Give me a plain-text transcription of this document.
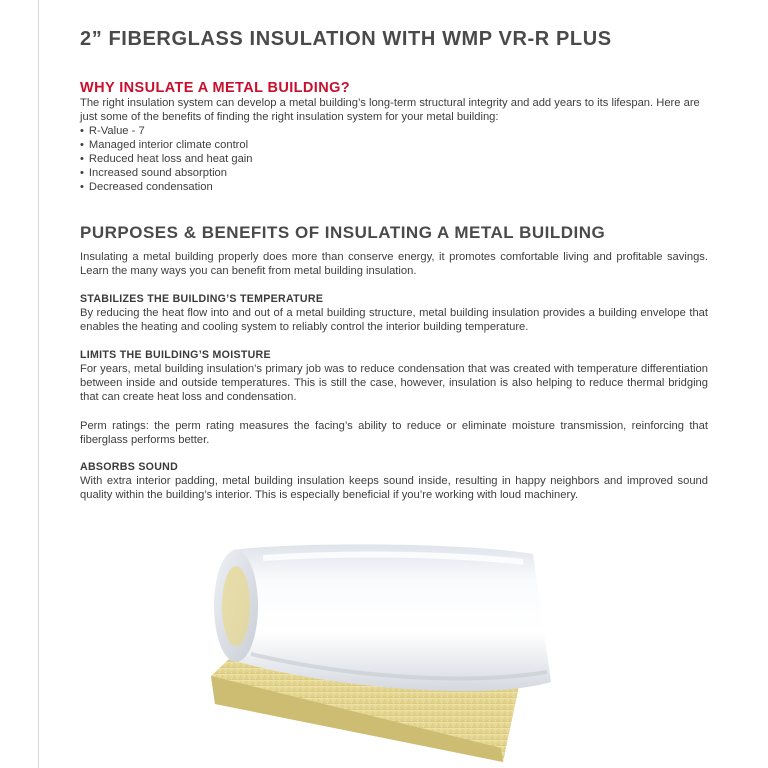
2” FIBERGLASS INSULATION WITH WMP VR-R PLUS
WHY INSULATE A METAL BUILDING?

The right insulation system can develop a metal building’s long-term structural integrity and add years to its lifespan. Here are just some of the benefits of finding the right insulation system for your metal building:

• R-Value - 7
• Managed interior climate control
• Reduced heat loss and heat gain
• Increased sound absorption
• Decreased condensation
PURPOSES & BENEFITS OF INSULATING A METAL BUILDING

Insulating a metal building properly does more than conserve energy, it promotes comfortable living and profitable savings. Learn the many ways you can benefit from metal building insulation.

STABILIZES THE BUILDING’S TEMPERATURE

By reducing the heat flow into and out of a metal building structure, metal building insulation provides a building envelope that enables the heating and cooling system to reliably control the interior building temperature.

LIMITS THE BUILDING’S MOISTURE

For years, metal building insulation’s primary job was to reduce condensation that was created with temperature differentiation between inside and outside temperatures. This is still the case, however, insulation is also helping to reduce thermal bridging that can create heat loss and condensation.

Perm ratings: the perm rating measures the facing’s ability to reduce or eliminate moisture transmission, reinforcing that fiberglass performs better.

ABSORBS SOUND

With extra interior padding, metal building insulation keeps sound inside, resulting in happy neighbors and improved sound quality within the building’s interior. This is especially beneficial if you’re working with loud machinery.
